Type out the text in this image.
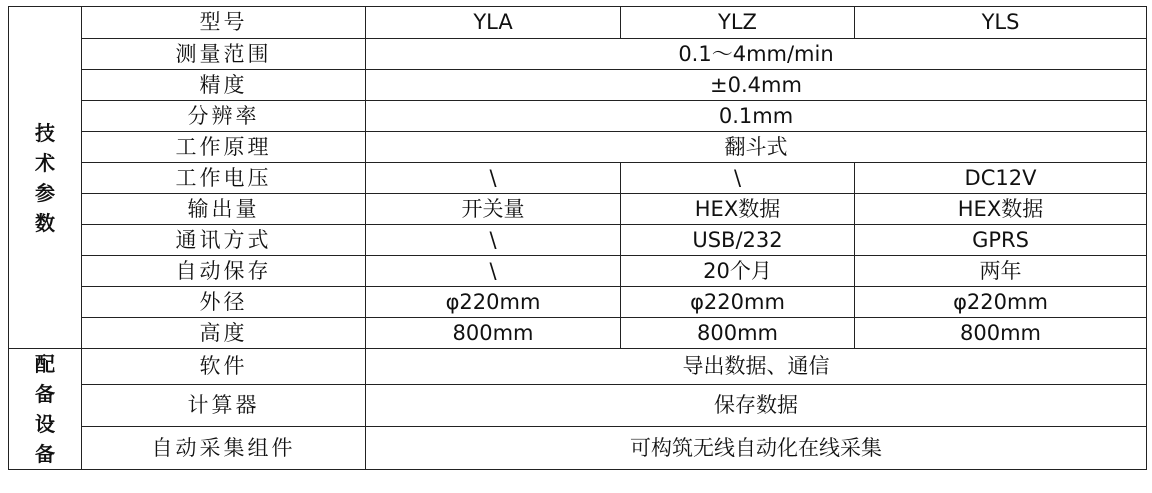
技术参数	型号	YLA	YLZ	YLS
	测量范围	0.1～4mm/min		
	精度	±0.4mm		
	分辨率	0.1mm		
	工作原理	翻斗式		
	工作电压	\	\	DC12V
	输出量	开关量	HEX数据	HEX数据
	通讯方式	\	USB/232	GPRS
	自动保存	\	20个月	两年
	外径	φ220mm	φ220mm	φ220mm
	高度	800mm	800mm	800mm
配备设备	软件	导出数据、通信		
	计算器	保存数据		
	自动采集组件	可构筑无线自动化在线采集		
